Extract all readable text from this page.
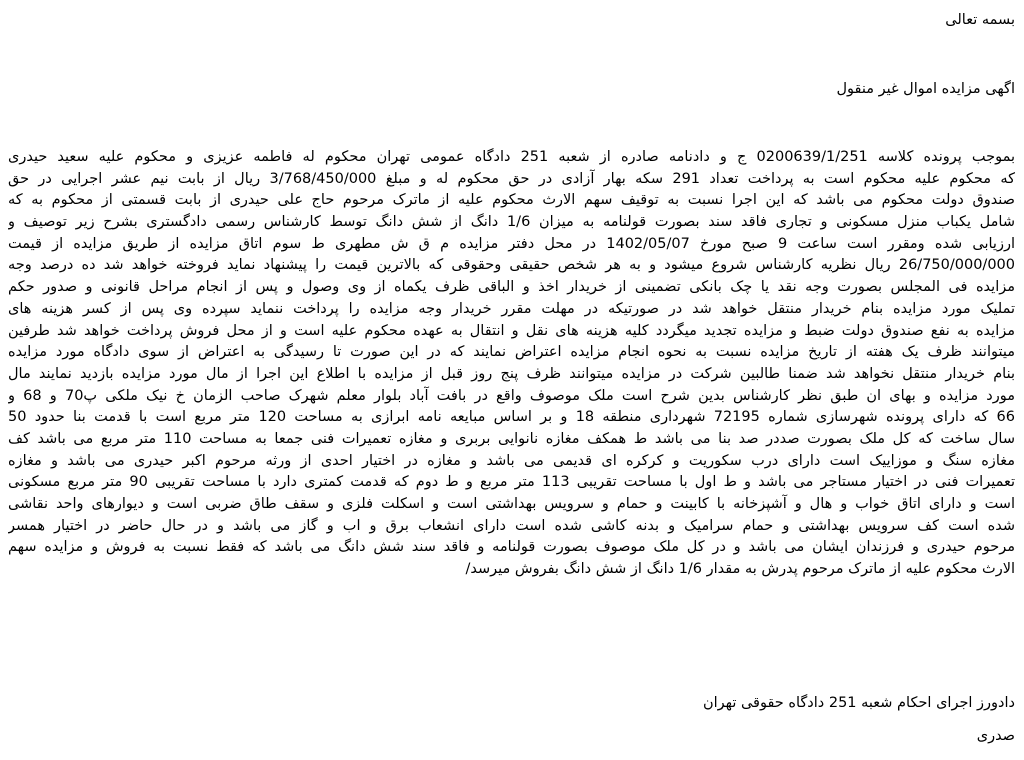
بسمه تعالی
اگهی مزایده اموال غیر منقول
بموجب پرونده کلاسه 0200639/1/251 ج و دادنامه صادره از شعبه 251 دادگاه عمومی تهران محکوم له فاطمه عزیزی و محکوم علیه سعید حیدری
که محکوم علیه محکوم است به پرداخت تعداد 291 سکه بهار آزادی در حق محکوم له و مبلغ 3/768/450/000 ریال از بابت نیم عشر اجرایی در حق
صندوق دولت محکوم می باشد که این اجرا نسبت به توقیف سهم الارث محکوم علیه از ماترک مرحوم حاج علی حیدری از بابت قسمتی از محکوم به که
شامل یکباب منزل مسکونی و تجاری فاقد سند بصورت قولنامه به میزان 1/6 دانگ از شش دانگ توسط کارشناس رسمی دادگستری بشرح زیر توصیف و
ارزیابی شده ومقرر است ساعت 9 صبح مورخ 1402/05/07 در محل دفتر مزایده م ق ش مطهری ط سوم اتاق مزایده از طریق مزایده از قیمت
26/750/000/000 ریال نظریه کارشناس شروع میشود و به هر شخص حقیقی وحقوقی که بالاترین قیمت را پیشنهاد نماید فروخته خواهد شد ده درصد وجه
مزایده فی المجلس بصورت وجه نقد یا چک بانکی تضمینی از خریدار اخذ و الباقی ظرف یکماه از وی وصول و پس از انجام مراحل قانونی و صدور حکم
تملیک مورد مزایده بنام خریدار منتقل خواهد شد در صورتیکه در مهلت مقرر خریدار وجه مزایده را پرداخت ننماید سپرده وی پس از کسر هزینه های
مزایده به نفع صندوق دولت ضبط و مزایده تجدید میگردد کلیه هزینه های نقل و انتقال به عهده محکوم علیه است و از محل فروش پرداخت خواهد شد طرفین
میتوانند ظرف یک هفته از تاریخ مزایده نسبت به نحوه انجام مزایده اعتراض نمایند که در این صورت تا رسیدگی به اعتراض از سوی دادگاه مورد مزایده
بنام خریدار منتقل نخواهد شد ضمنا طالبین شرکت در مزایده میتوانند ظرف پنج روز قبل از مزایده با اطلاع این اجرا از مال مورد مزایده بازدید نمایند مال
مورد مزایده و بهای ان طبق نظر کارشناس بدین شرح است ملک موصوف واقع در بافت آباد بلوار معلم شهرک صاحب الزمان خ نیک ملکی پ70 و 68 و
66 که دارای پرونده شهرسازی شماره 72195 شهرداری منطقه 18 و بر اساس مبایعه نامه ابرازی به مساحت 120 متر مربع است با قدمت بنا حدود 50
سال ساخت که کل ملک بصورت صددر صد بنا می باشد ط همکف مغازه نانوایی بربری و مغازه تعمیرات فنی جمعا به مساحت 110 متر مربع می باشد کف
مغازه سنگ و موزاییک است دارای درب سکوریت و کرکره ای قدیمی می باشد و مغازه در اختیار احدی از ورثه مرحوم اکبر حیدری می باشد و مغازه
تعمیرات فنی در اختیار مستاجر می باشد و ط اول با مساحت تقریبی 113 متر مربع و ط دوم که قدمت کمتری دارد با مساحت تقریبی 90 متر مربع مسکونی
است و دارای اتاق خواب و هال و آشپزخانه با کابینت و حمام و سرویس بهداشتی است و اسکلت فلزی و سقف طاق ضربی است و دیوارهای واحد نقاشی
شده است کف سرویس بهداشتی و حمام سرامیک و بدنه کاشی شده است دارای انشعاب برق و اب و گاز می باشد و در حال حاضر در اختیار همسر
مرحوم حیدری و فرزندان ایشان می باشد و در کل ملک موصوف بصورت قولنامه و فاقد سند شش دانگ می باشد که فقط نسبت به فروش و مزایده سهم
الارث محکوم علیه از ماترک مرحوم پدرش به مقدار 1/6 دانگ از شش دانگ بفروش میرسد/
دادورز اجرای احکام شعبه 251 دادگاه حقوقی تهران
صدری
